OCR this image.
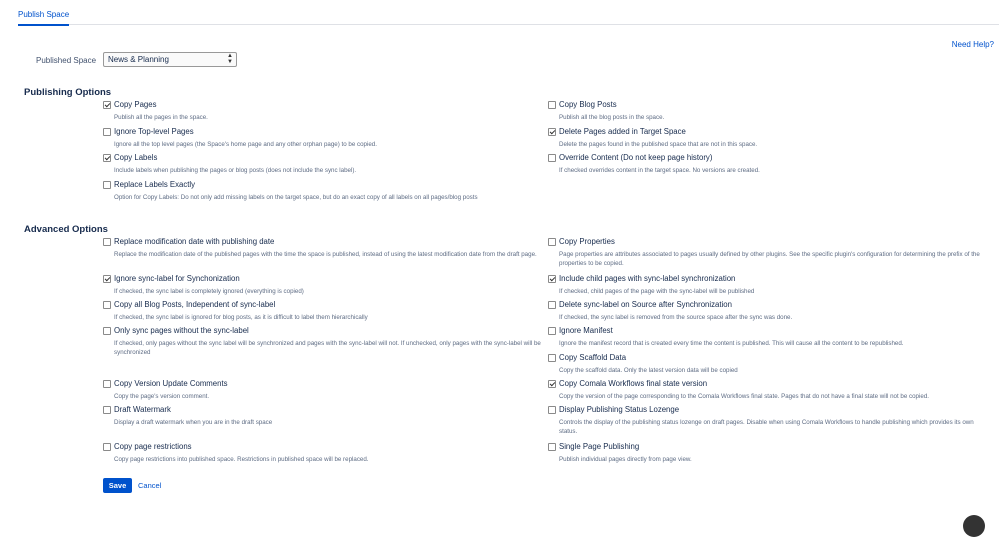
Publish Space
Need Help?
Published Space	News & Planning	▲
▼
Publishing Options
Copy Pages
Publish all the pages in the space.
Ignore Top-level Pages
Ignore all the top level pages (the Space's home page and any other orphan page) to be copied.
Copy Labels
Include labels when publishing the pages or blog posts (does not include the sync label).
Replace Labels Exactly
Option for Copy Labels: Do not only add missing labels on the target space, but do an exact copy of all labels on all pages/blog posts
Copy Blog Posts
Publish all the blog posts in the space.
Delete Pages added in Target Space
Delete the pages found in the published space that are not in this space.
Override Content (Do not keep page history)
If checked overrides content in the target space. No versions are created.
Advanced Options
Replace modification date with publishing date
Replace the modification date of the published pages with the time the space is published, instead of using the latest modification date from the draft page.
Ignore sync-label for Synchonization
If checked, the sync label is completely ignored (everything is copied)
Copy all Blog Posts, Independent of sync-label
If checked, the sync label is ignored for blog posts, as it is difficult to label them hierarchically
Only sync pages without the sync-label
If checked, only pages without the sync label will be synchronized and pages with the sync-label will not. If unchecked, only pages with the sync-label will be synchronized
Copy Version Update Comments
Copy the page's version comment.
Draft Watermark
Display a draft watermark when you are in the draft space
Copy page restrictions
Copy page restrictions into published space. Restrictions in published space will be replaced.
Copy Properties
Page properties are attributes associated to pages usually defined by other plugins. See the specific plugin's configuration for determining the prefix of the properties to be copied.
Include child pages with sync-label synchronization
If checked, child pages of the page with the sync-label will be published
Delete sync-label on Source after Synchronization
If checked, the sync label is removed from the source space after the sync was done.
Ignore Manifest
Ignore the manifest record that is created every time the content is published. This will cause all the content to be republished.
Copy Scaffold Data
Copy the scaffold data. Only the latest version data will be copied
Copy Comala Workflows final state version
Copy the version of the page corresponding to the Comala Workflows final state. Pages that do not have a final state will not be copied.
Display Publishing Status Lozenge
Controls the display of the publishing status lozenge on draft pages. Disable when using Comala Workflows to handle publishing which provides its own status.
Single Page Publishing
Publish individual pages directly from page view.
Save	Cancel
